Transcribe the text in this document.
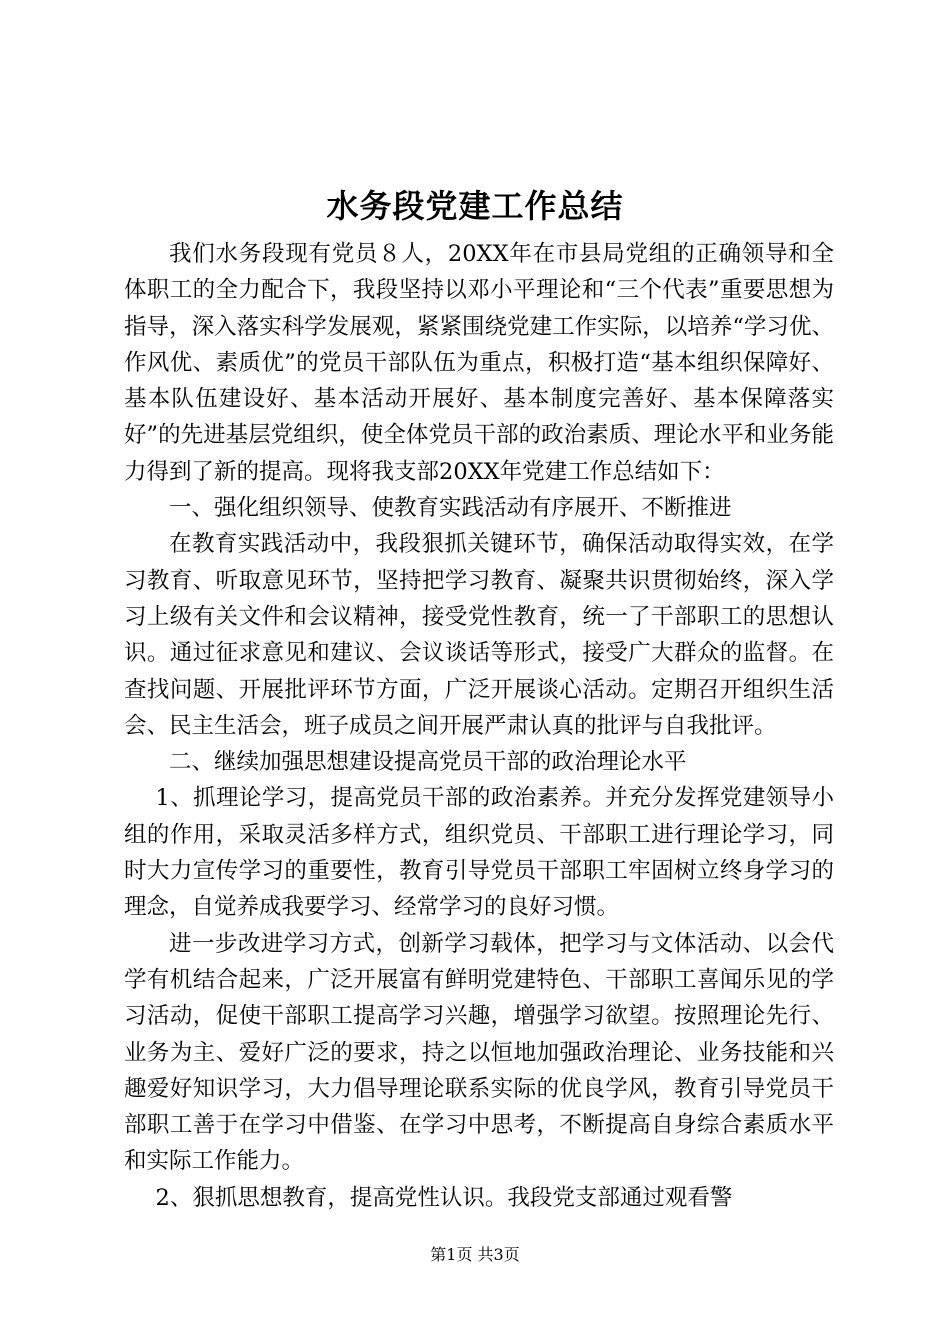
水务段党建工作总结

我们水务段现有党员８人，20XX年在市县局党组的正确领导和全体职工的全力配合下，我段坚持以邓小平理论和“三个代表”重要思想为指导，深入落实科学发展观，紧紧围绕党建工作实际，以培养“学习优、作风优、素质优”的党员干部队伍为重点，积极打造“基本组织保障好、基本队伍建设好、基本活动开展好、基本制度完善好、基本保障落实好”的先进基层党组织，使全体党员干部的政治素质、理论水平和业务能力得到了新的提高。现将我支部20XX年党建工作总结如下：

一、强化组织领导、使教育实践活动有序展开、不断推进

在教育实践活动中，我段狠抓关键环节，确保活动取得实效，在学习教育、听取意见环节，坚持把学习教育、凝聚共识贯彻始终，深入学习上级有关文件和会议精神，接受党性教育，统一了干部职工的思想认识。通过征求意见和建议、会议谈话等形式，接受广大群众的监督。在查找问题、开展批评环节方面，广泛开展谈心活动。定期召开组织生活会、民主生活会，班子成员之间开展严肃认真的批评与自我批评。

二、继续加强思想建设提高党员干部的政治理论水平

1、抓理论学习，提高党员干部的政治素养。并充分发挥党建领导小组的作用，采取灵活多样方式，组织党员、干部职工进行理论学习，同时大力宣传学习的重要性，教育引导党员干部职工牢固树立终身学习的理念，自觉养成我要学习、经常学习的良好习惯。

进一步改进学习方式，创新学习载体，把学习与文体活动、以会代学有机结合起来，广泛开展富有鲜明党建特色、干部职工喜闻乐见的学习活动，促使干部职工提高学习兴趣，增强学习欲望。按照理论先行、业务为主、爱好广泛的要求，持之以恒地加强政治理论、业务技能和兴趣爱好知识学习，大力倡导理论联系实际的优良学风，教育引导党员干部职工善于在学习中借鉴、在学习中思考，不断提高自身综合素质水平和实际工作能力。

2、狠抓思想教育，提高党性认识。我段党支部通过观看警

第1页 共3页
